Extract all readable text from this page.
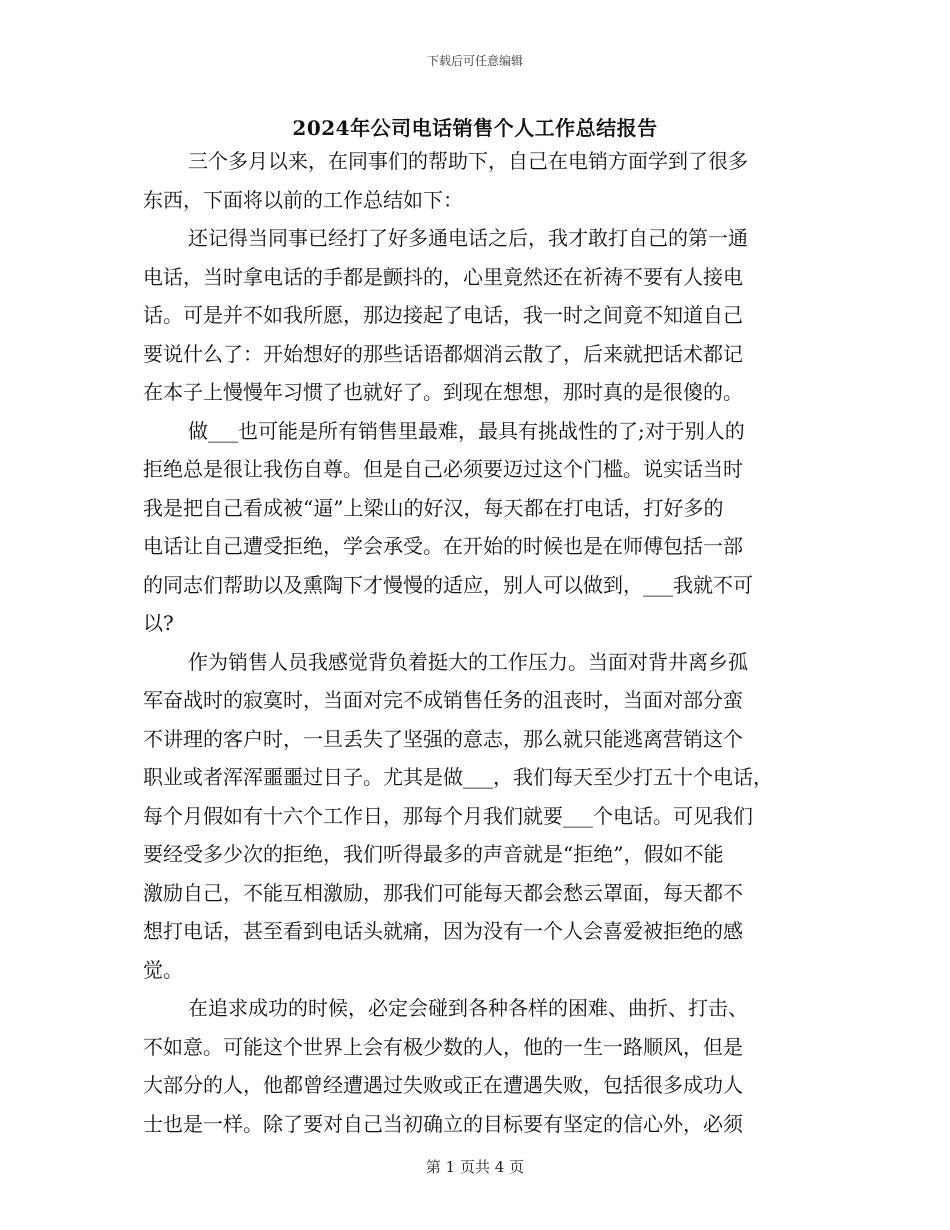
下载后可任意编辑
2024年公司电话销售个人工作总结报告
三个多月以来，在同事们的帮助下，自己在电销方面学到了很多
东西，下面将以前的工作总结如下：
还记得当同事已经打了好多通电话之后，我才敢打自己的第一通
电话，当时拿电话的手都是颤抖的，心里竟然还在祈祷不要有人接电
话。可是并不如我所愿，那边接起了电话，我一时之间竟不知道自己
要说什么了：开始想好的那些话语都烟消云散了，后来就把话术都记
在本子上慢慢年习惯了也就好了。到现在想想，那时真的是很傻的。
做___也可能是所有销售里最难，最具有挑战性的了;对于别人的
拒绝总是很让我伤自尊。但是自己必须要迈过这个门槛。说实话当时
我是把自己看成被“逼”上梁山的好汉，每天都在打电话，打好多的
电话让自己遭受拒绝，学会承受。在开始的时候也是在师傅包括一部
的同志们帮助以及熏陶下才慢慢的适应，别人可以做到，___我就不可
以?
作为销售人员我感觉背负着挺大的工作压力。当面对背井离乡孤
军奋战时的寂寞时，当面对完不成销售任务的沮丧时，当面对部分蛮
不讲理的客户时，一旦丢失了坚强的意志，那么就只能逃离营销这个
职业或者浑浑噩噩过日子。尤其是做___，我们每天至少打五十个电话，
每个月假如有十六个工作日，那每个月我们就要___个电话。可见我们
要经受多少次的拒绝，我们听得最多的声音就是“拒绝”，假如不能
激励自己，不能互相激励，那我们可能每天都会愁云罩面，每天都不
想打电话，甚至看到电话头就痛，因为没有一个人会喜爱被拒绝的感
觉。
在追求成功的时候，必定会碰到各种各样的困难、曲折、打击、
不如意。可能这个世界上会有极少数的人，他的一生一路顺风，但是
大部分的人，他都曾经遭遇过失败或正在遭遇失败，包括很多成功人
士也是一样。除了要对自己当初确立的目标要有坚定的信心外，必须
第 1 页共 4 页
